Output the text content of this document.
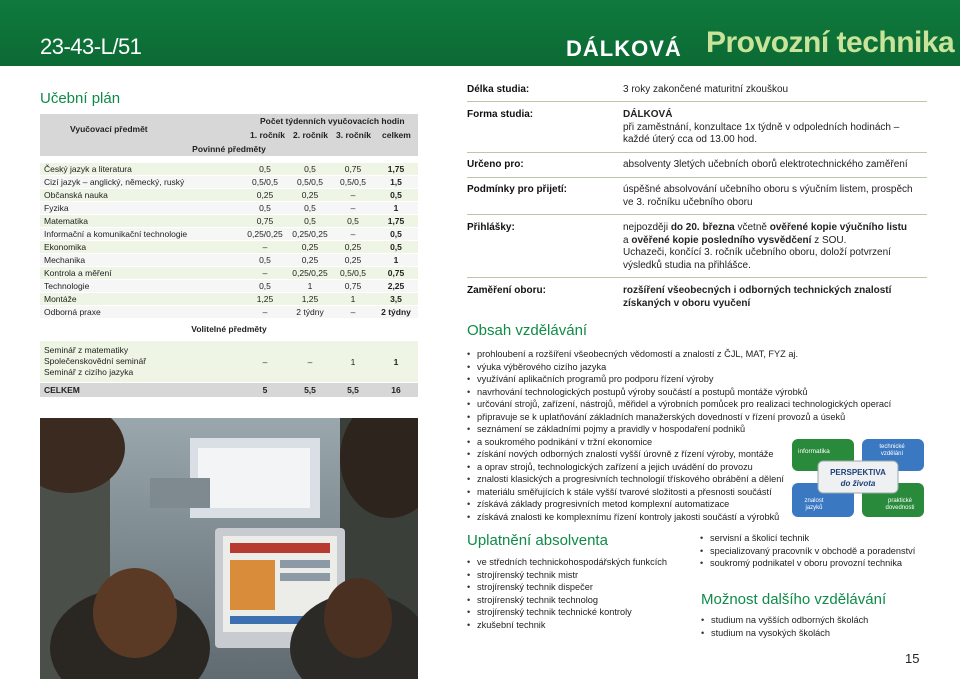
23-43-L/51	DÁLKOVÁ Provozní technika
Učební plán
Vyučovací předmět
Počet týdenních vyučovacích hodin
1. ročník 2. ročník 3. ročník celkem
Povinné předměty
Český jazyk a literatura	0,5	0,5	0,75	1,75
Cizí jazyk – anglický, německý, ruský	0,5/0,5	0,5/0,5	0,5/0,5	1,5
Občanská nauka	0,25	0,25	–	0,5
Fyzika	0,5	0,5	–	1
Matematika	0,75	0,5	0,5	1,75
Informační a komunikační technologie	0,25/0,25	0,25/0,25	–	0,5
Ekonomika	–	0,25	0,25	0,5
Mechanika	0,5	0,25	0,25	1
Kontrola a měření	–	0,25/0,25	0,5/0,5	0,75
Technologie	0,5	1	0,75	2,25
Montáže	1,25	1,25	1	3,5
Odborná praxe	–	2 týdny	–	2 týdny
Volitelné předměty
Seminář z matematiky
Společenskovědní seminář
Seminář z cizího jazyka
–	–	1	1
CELKEM	5	5,5	5,5	16
Délka studia:	3 roky zakončené maturitní zkouškou
Forma studia:	DÁLKOVÁ
při zaměstnání, konzultace 1x týdně v odpoledních hodinách – každé úterý cca od 13.00 hod.
Určeno pro:	absolventy 3letých učebních oborů elektrotechnického zaměření
Podmínky pro přijetí:	úspěšné absolvování učebního oboru s výučním listem, prospěch ve 3. ročníku učebního oboru
Přihlášky:	nejpozději do 20. března včetně ověřené kopie výučního listu
a ověřené kopie posledního vysvědčení z SOU.
Uchazeči, končící 3. ročník učebního oboru, doloží potvrzení výsledků studia na přihlášce.
Zaměření oboru:	rozšíření všeobecných i odborných technických znalostí získaných v oboru vyučení
Obsah vzdělávání
• prohloubení a rozšíření všeobecných vědomostí a znalostí z ČJL, MAT, FYZ aj.
• výuka výběrového cizího jazyka
• využívání aplikačních programů pro podporu řízení výroby
• navrhování technologických postupů výroby součástí a postupů montáže výrobků
• určování strojů, zařízení, nástrojů, měřidel a výrobních pomůcek pro realizaci technologických operací
• připravuje se k uplatňování základních manažerských dovedností v řízení provozů a úseků
• seznámení se základními pojmy a pravidly v hospodaření podniků
• a soukromého podnikání v tržní ekonomice
• získání nových odborných znalostí vyšší úrovně z řízení výroby, montáže
• a oprav strojů, technologických zařízení a jejich uvádění do provozu
• znalosti klasických a progresivních technologií třískového obrábění a dělení
• materiálu směřujících k stále vyšší tvarové složitosti a přesnosti součástí
• získává základy progresivních metod komplexní automatizace
• získává znalosti ke komplexnímu řízení kontroly jakosti součástí a výrobků
informatika
technické
vzdělání
PERSPEKTIVA
do života
znalost
jazyků
praktické
dovednosti
Uplatnění absolventa
• ve středních technickohospodářských funkcích
• strojírenský technik mistr
• strojírenský technik dispečer
• strojírenský technik technolog
• strojírenský technik technické kontroly
• zkušební technik
• servisní a školicí technik
• specializovaný pracovník v obchodě a poradenství
• soukromý podnikatel v oboru provozní technika
Možnost dalšího vzdělávání
• studium na vyšších odborných školách
• studium na vysokých školách
15
